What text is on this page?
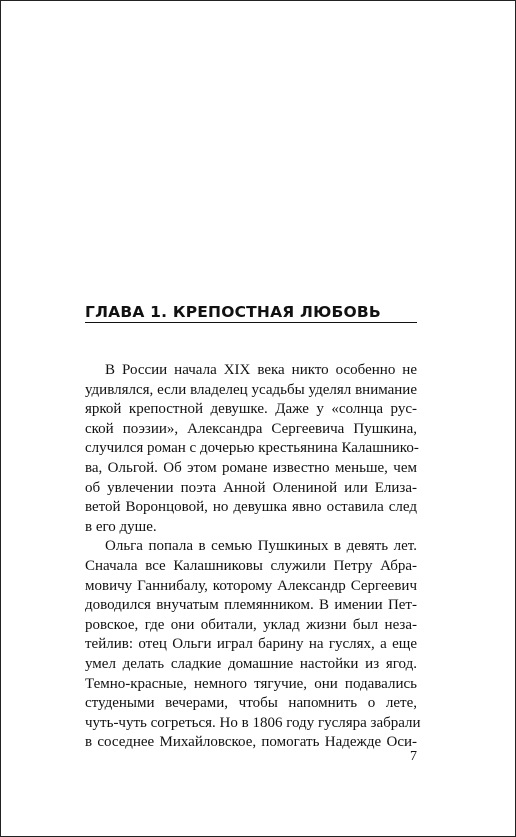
ГЛАВА 1. КРЕПОСТНАЯ ЛЮБОВЬ
В России начала XIX века никто особенно не
удивлялся, если владелец усадьбы уделял внимание
яркой крепостной девушке. Даже у «солнца рус-
ской поэзии», Александра Сергеевича Пушкина,
случился роман с дочерью крестьянина Калашнико-
ва, Ольгой. Об этом романе известно меньше, чем
об увлечении поэта Анной Олениной или Елиза-
ветой Воронцовой, но девушка явно оставила след
в его душе.
Ольга попала в семью Пушкиных в девять лет.
Сначала все Калашниковы служили Петру Абра-
мовичу Ганнибалу, которому Александр Сергеевич
доводился внучатым племянником. В имении Пет-
ровское, где они обитали, уклад жизни был неза-
тейлив: отец Ольги играл барину на гуслях, а еще
умел делать сладкие домашние настойки из ягод.
Темно-красные, немного тягучие, они подавались
студеными вечерами, чтобы напомнить о лете,
чуть-чуть согреться. Но в 1806 году гусляра забрали
в соседнее Михайловское, помогать Надежде Оси-
7
